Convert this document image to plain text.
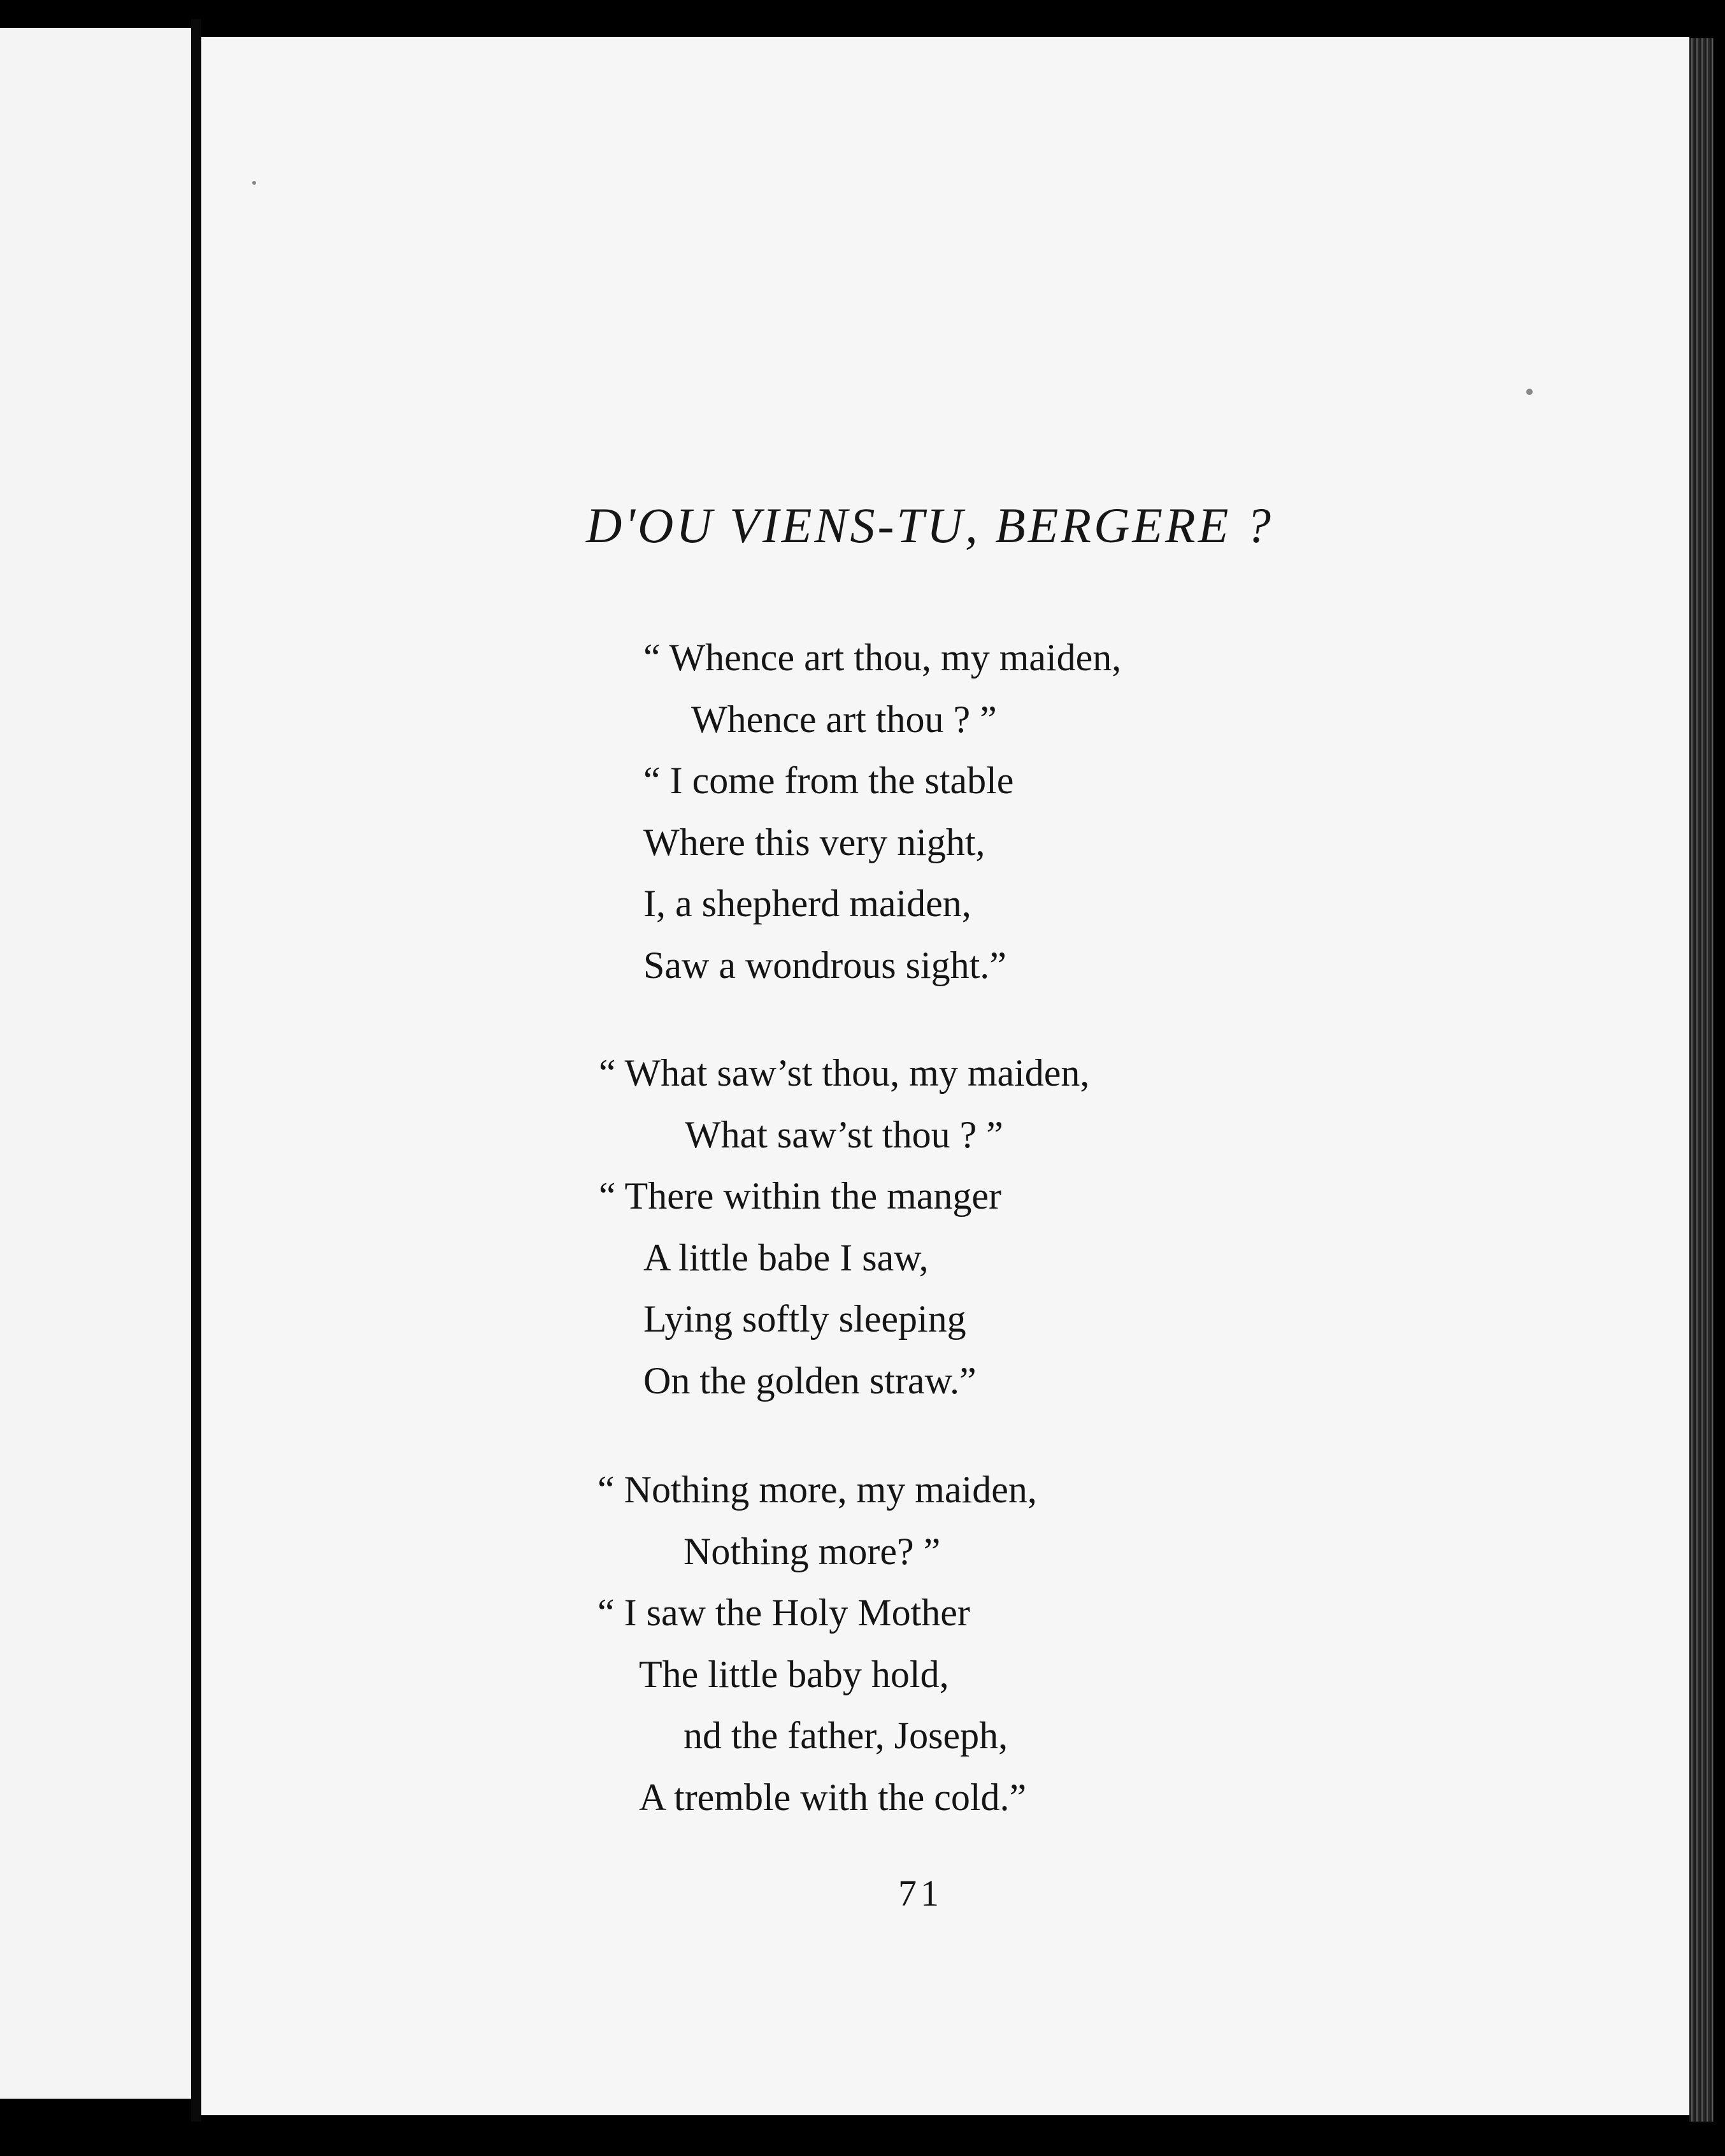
D'OU VIENS-TU, BERGERE ?
“ Whence art thou, my maiden,
Whence art thou ? ”
“ I come from the stable
Where this very night,
I, a shepherd maiden,
Saw a wondrous sight.”
“ What saw’st thou, my maiden,
What saw’st thou ? ”
“ There within the manger
A little babe I saw,
Lying softly sleeping
On the golden straw.”
“ Nothing more, my maiden,
Nothing more? ”
“ I saw the Holy Mother
The little baby hold,
nd the father, Joseph,
A tremble with the cold.”
71
